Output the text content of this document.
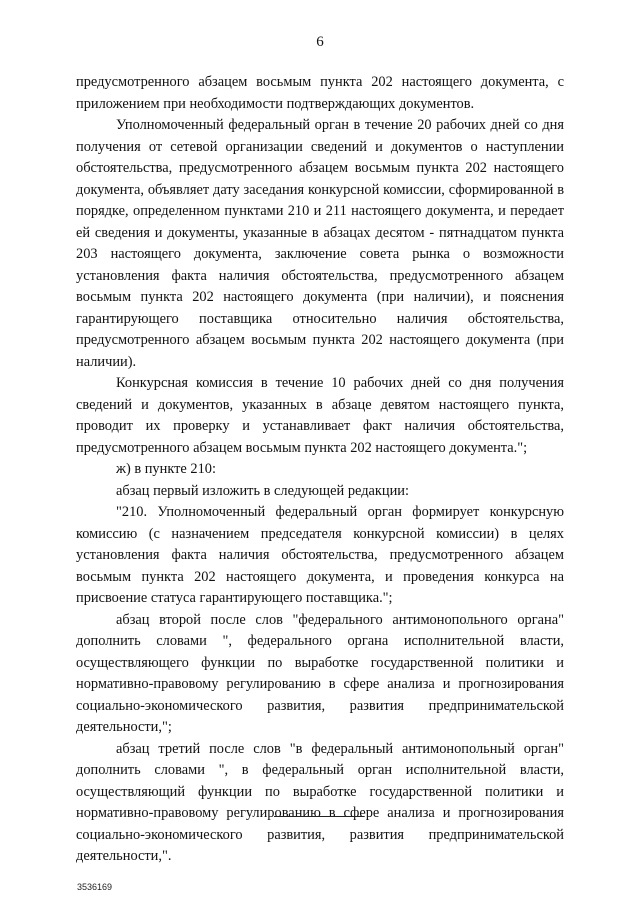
6

предусмотренного абзацем восьмым пункта 202 настоящего документа, с приложением при необходимости подтверждающих документов.

Уполномоченный федеральный орган в течение 20 рабочих дней со дня получения от сетевой организации сведений и документов о наступлении обстоятельства, предусмотренного абзацем восьмым пункта 202 настоящего документа, объявляет дату заседания конкурсной комиссии, сформированной в порядке, определенном пунктами 210 и 211 настоящего документа, и передает ей сведения и документы, указанные в абзацах десятом - пятнадцатом пункта 203 настоящего документа, заключение совета рынка о возможности установления факта наличия обстоятельства, предусмотренного абзацем восьмым пункта 202 настоящего документа (при наличии), и пояснения гарантирующего поставщика относительно наличия обстоятельства, предусмотренного абзацем восьмым пункта 202 настоящего документа (при наличии).

Конкурсная комиссия в течение 10 рабочих дней со дня получения сведений и документов, указанных в абзаце девятом настоящего пункта, проводит их проверку и устанавливает факт наличия обстоятельства, предусмотренного абзацем восьмым пункта 202 настоящего документа.";

ж) в пункте 210:

абзац первый изложить в следующей редакции:

"210. Уполномоченный федеральный орган формирует конкурсную комиссию (с назначением председателя конкурсной комиссии) в целях установления факта наличия обстоятельства, предусмотренного абзацем восьмым пункта 202 настоящего документа, и проведения конкурса на присвоение статуса гарантирующего поставщика.";

абзац второй после слов "федерального антимонопольного органа" дополнить словами ", федерального органа исполнительной власти, осуществляющего функции по выработке государственной политики и нормативно-правовому регулированию в сфере анализа и прогнозирования социально-экономического развития, развития предпринимательской деятельности,";

абзац третий после слов "в федеральный антимонопольный орган" дополнить словами ", в федеральный орган исполнительной власти, осуществляющий функции по выработке государственной политики и нормативно-правовому регулированию в сфере анализа и прогнозирования социально-экономического развития, развития предпринимательской деятельности,".

3536169
